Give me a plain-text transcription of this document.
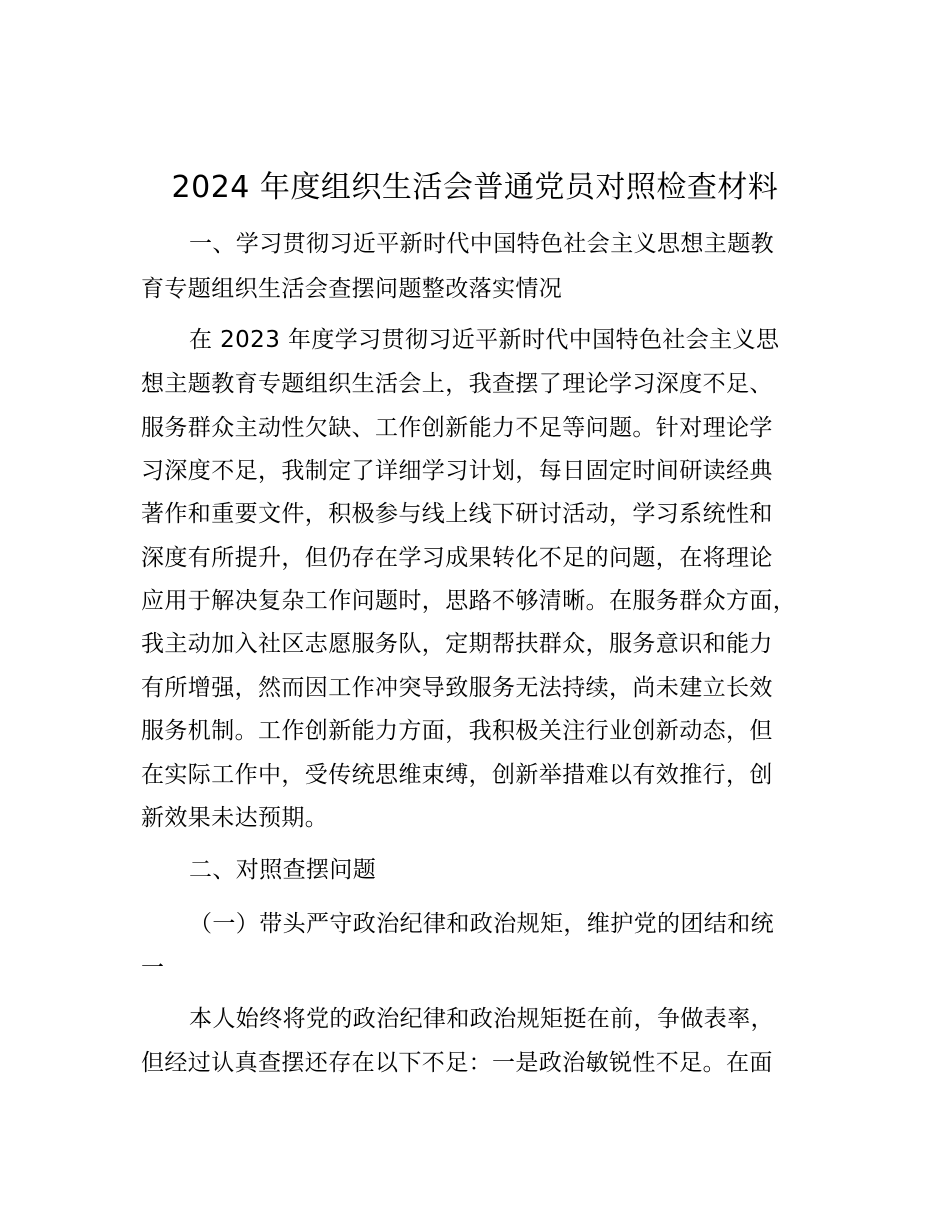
2024 年度组织生活会普通党员对照检查材料

一、学习贯彻习近平新时代中国特色社会主义思想主题教

育专题组织生活会查摆问题整改落实情况

在 2023 年度学习贯彻习近平新时代中国特色社会主义思

想主题教育专题组织生活会上，我查摆了理论学习深度不足、

服务群众主动性欠缺、工作创新能力不足等问题。针对理论学

习深度不足，我制定了详细学习计划，每日固定时间研读经典

著作和重要文件，积极参与线上线下研讨活动，学习系统性和

深度有所提升，但仍存在学习成果转化不足的问题，在将理论

应用于解决复杂工作问题时，思路不够清晰。在服务群众方面，

我主动加入社区志愿服务队，定期帮扶群众，服务意识和能力

有所增强，然而因工作冲突导致服务无法持续，尚未建立长效

服务机制。工作创新能力方面，我积极关注行业创新动态，但

在实际工作中，受传统思维束缚，创新举措难以有效推行，创

新效果未达预期。

二、对照查摆问题

（一）带头严守政治纪律和政治规矩，维护党的团结和统

一

本人始终将党的政治纪律和政治规矩挺在前，争做表率，

但经过认真查摆还存在以下不足：一是政治敏锐性不足。在面
